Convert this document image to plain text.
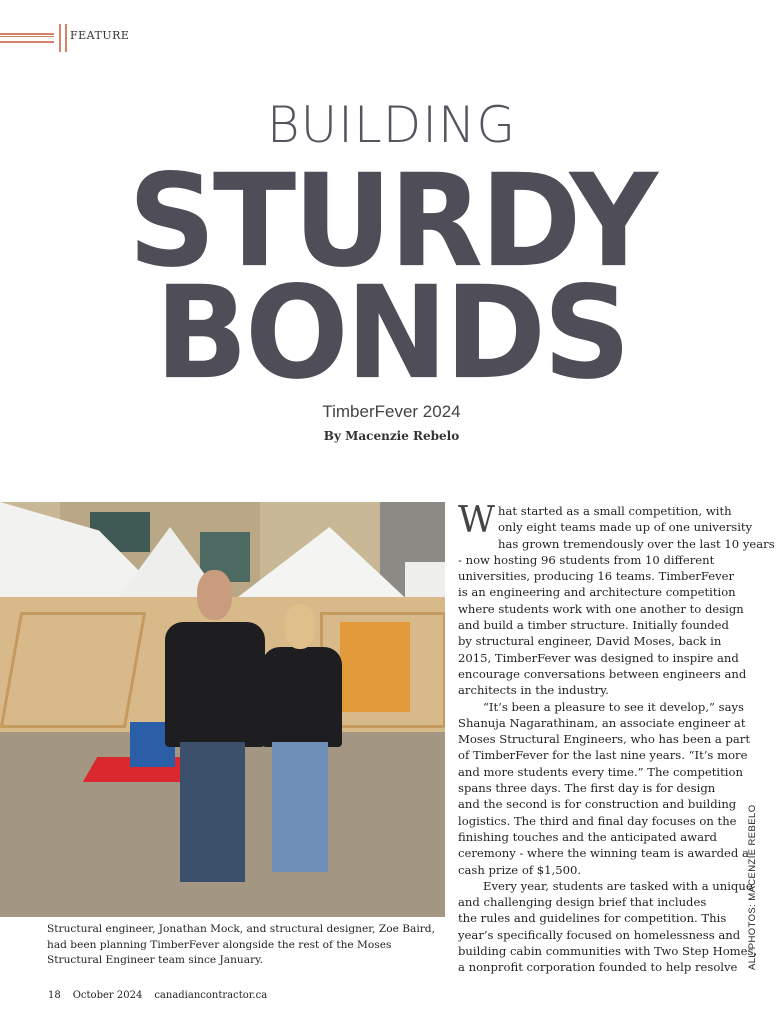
FEATURE
BUILDING
STURDY
BONDS
TimberFever 2024
By Macenzie Rebelo
Structural engineer, Jonathan Mock, and structural designer, Zoe Baird, had been planning TimberFever alongside the rest of the Moses Structural Engineer team since January.	ALL PHOTOS: MACENZIE REBELO
W hat started as a small competition, with
only eight teams made up of one university
has grown tremendously over the last 10 years
- now hosting 96 students from 10 different
universities, producing 16 teams. TimberFever
is an engineering and architecture competition
where students work with one another to design
and build a timber structure. Initially founded
by structural engineer, David Moses, back in
2015, TimberFever was designed to inspire and
encourage conversations between engineers and
architects in the industry.
“It’s been a pleasure to see it develop,” says
Shanuja Nagarathinam, an associate engineer at
Moses Structural Engineers, who has been a part
of TimberFever for the last nine years. “It’s more
and more students every time.” The competition
spans three days. The first day is for design
and the second is for construction and building
logistics. The third and final day focuses on the
finishing touches and the anticipated award
ceremony - where the winning team is awarded a
cash prize of $1,500.
Every year, students are tasked with a unique
and challenging design brief that includes
the rules and guidelines for competition. This
year’s specifically focused on homelessness and
building cabin communities with Two Step Homes,
a nonprofit corporation founded to help resolve
18 October 2024 canadiancontractor.ca
